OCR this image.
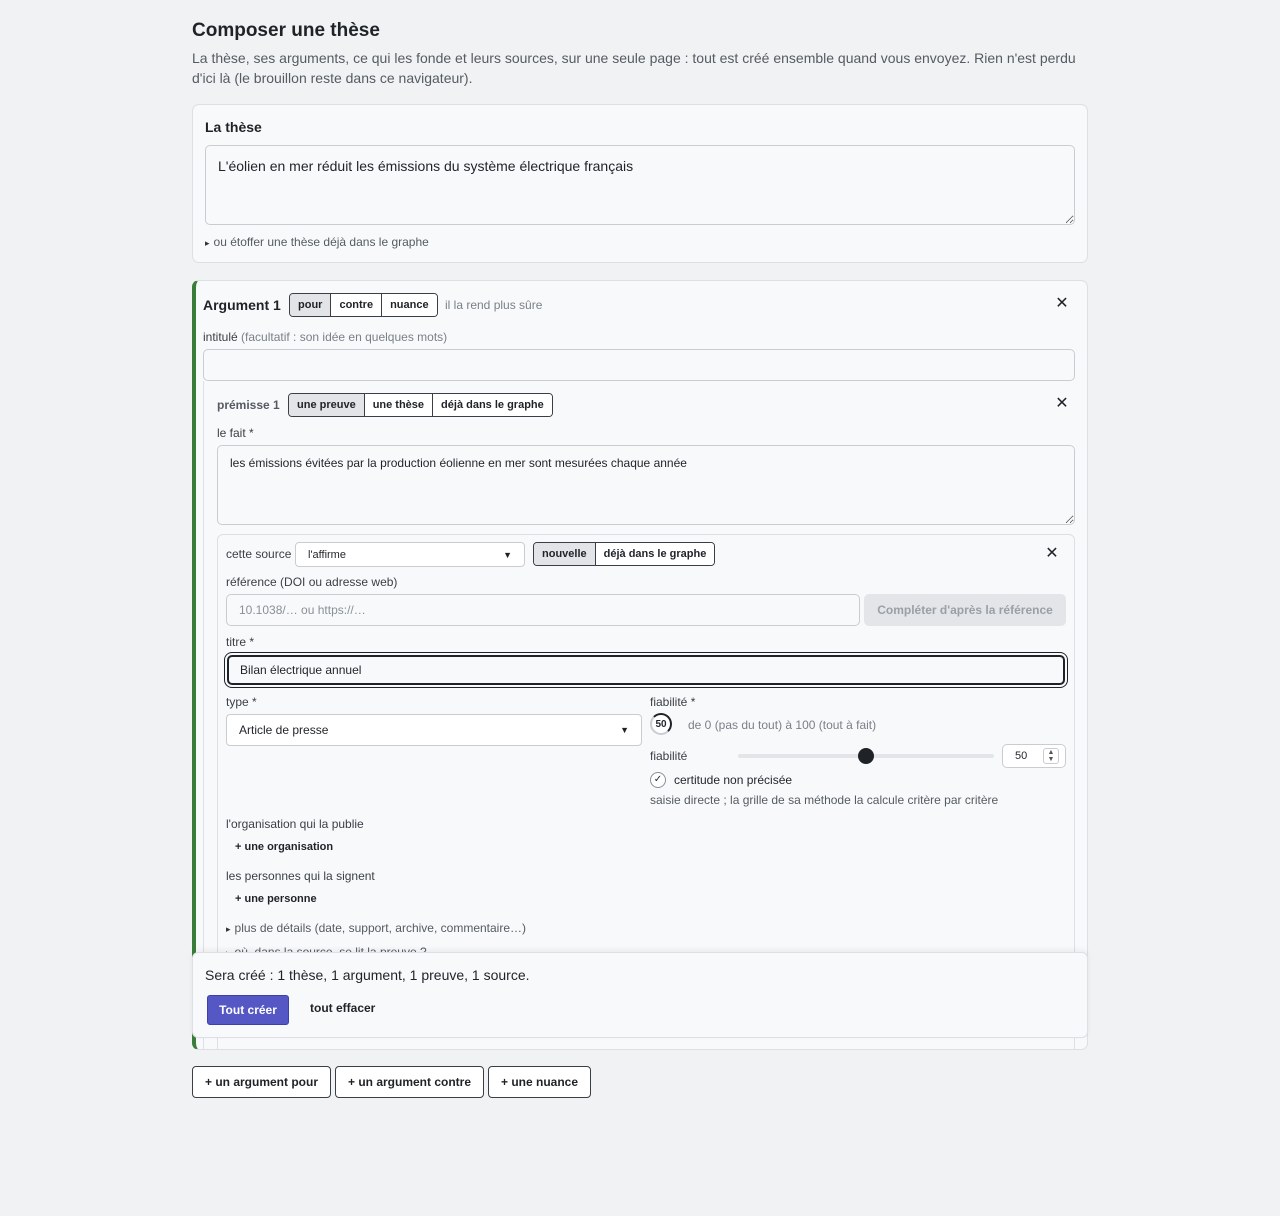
Composer une thèse

La thèse, ses arguments, ce qui les fonde et leurs sources, sur une seule page : tout est créé ensemble quand vous envoyez. Rien n'est perdu d'ici là (le brouillon reste dans ce navigateur).

La thèse
L'éolien en mer réduit les émissions du système électrique français
▸ ou étoffer une thèse déjà dans le graphe
Argument 1	pour	contre	nuance	il la rend plus sûre	✕
intitulé (facultatif : son idée en quelques mots)
prémisse 1	une preuve	une thèse	déjà dans le graphe	✕
le fait *
les émissions évitées par la production éolienne en mer sont mesurées chaque année
cette source l'affirme	▼	nouvelle	déjà dans le graphe	✕
référence (DOI ou adresse web)
10.1038/… ou https://…	Compléter d'après la référence
titre *
Bilan électrique annuel
type *
Article de presse	▼
fiabilité *
50	de 0 (pas du tout) à 100 (tout à fait)
fiabilité	50	▲
▼
✓ certitude non précisée
saisie directe ; la grille de sa méthode la calcule critère par critère
l'organisation qui la publie
+ une organisation
les personnes qui la signent
+ une personne
▸ plus de détails (date, support, archive, commentaire…)
Sera créé : 1 thèse, 1 argument, 1 preuve, 1 source.
Tout créer	tout effacer
+ un argument pour	+ un argument contre	+ une nuance
